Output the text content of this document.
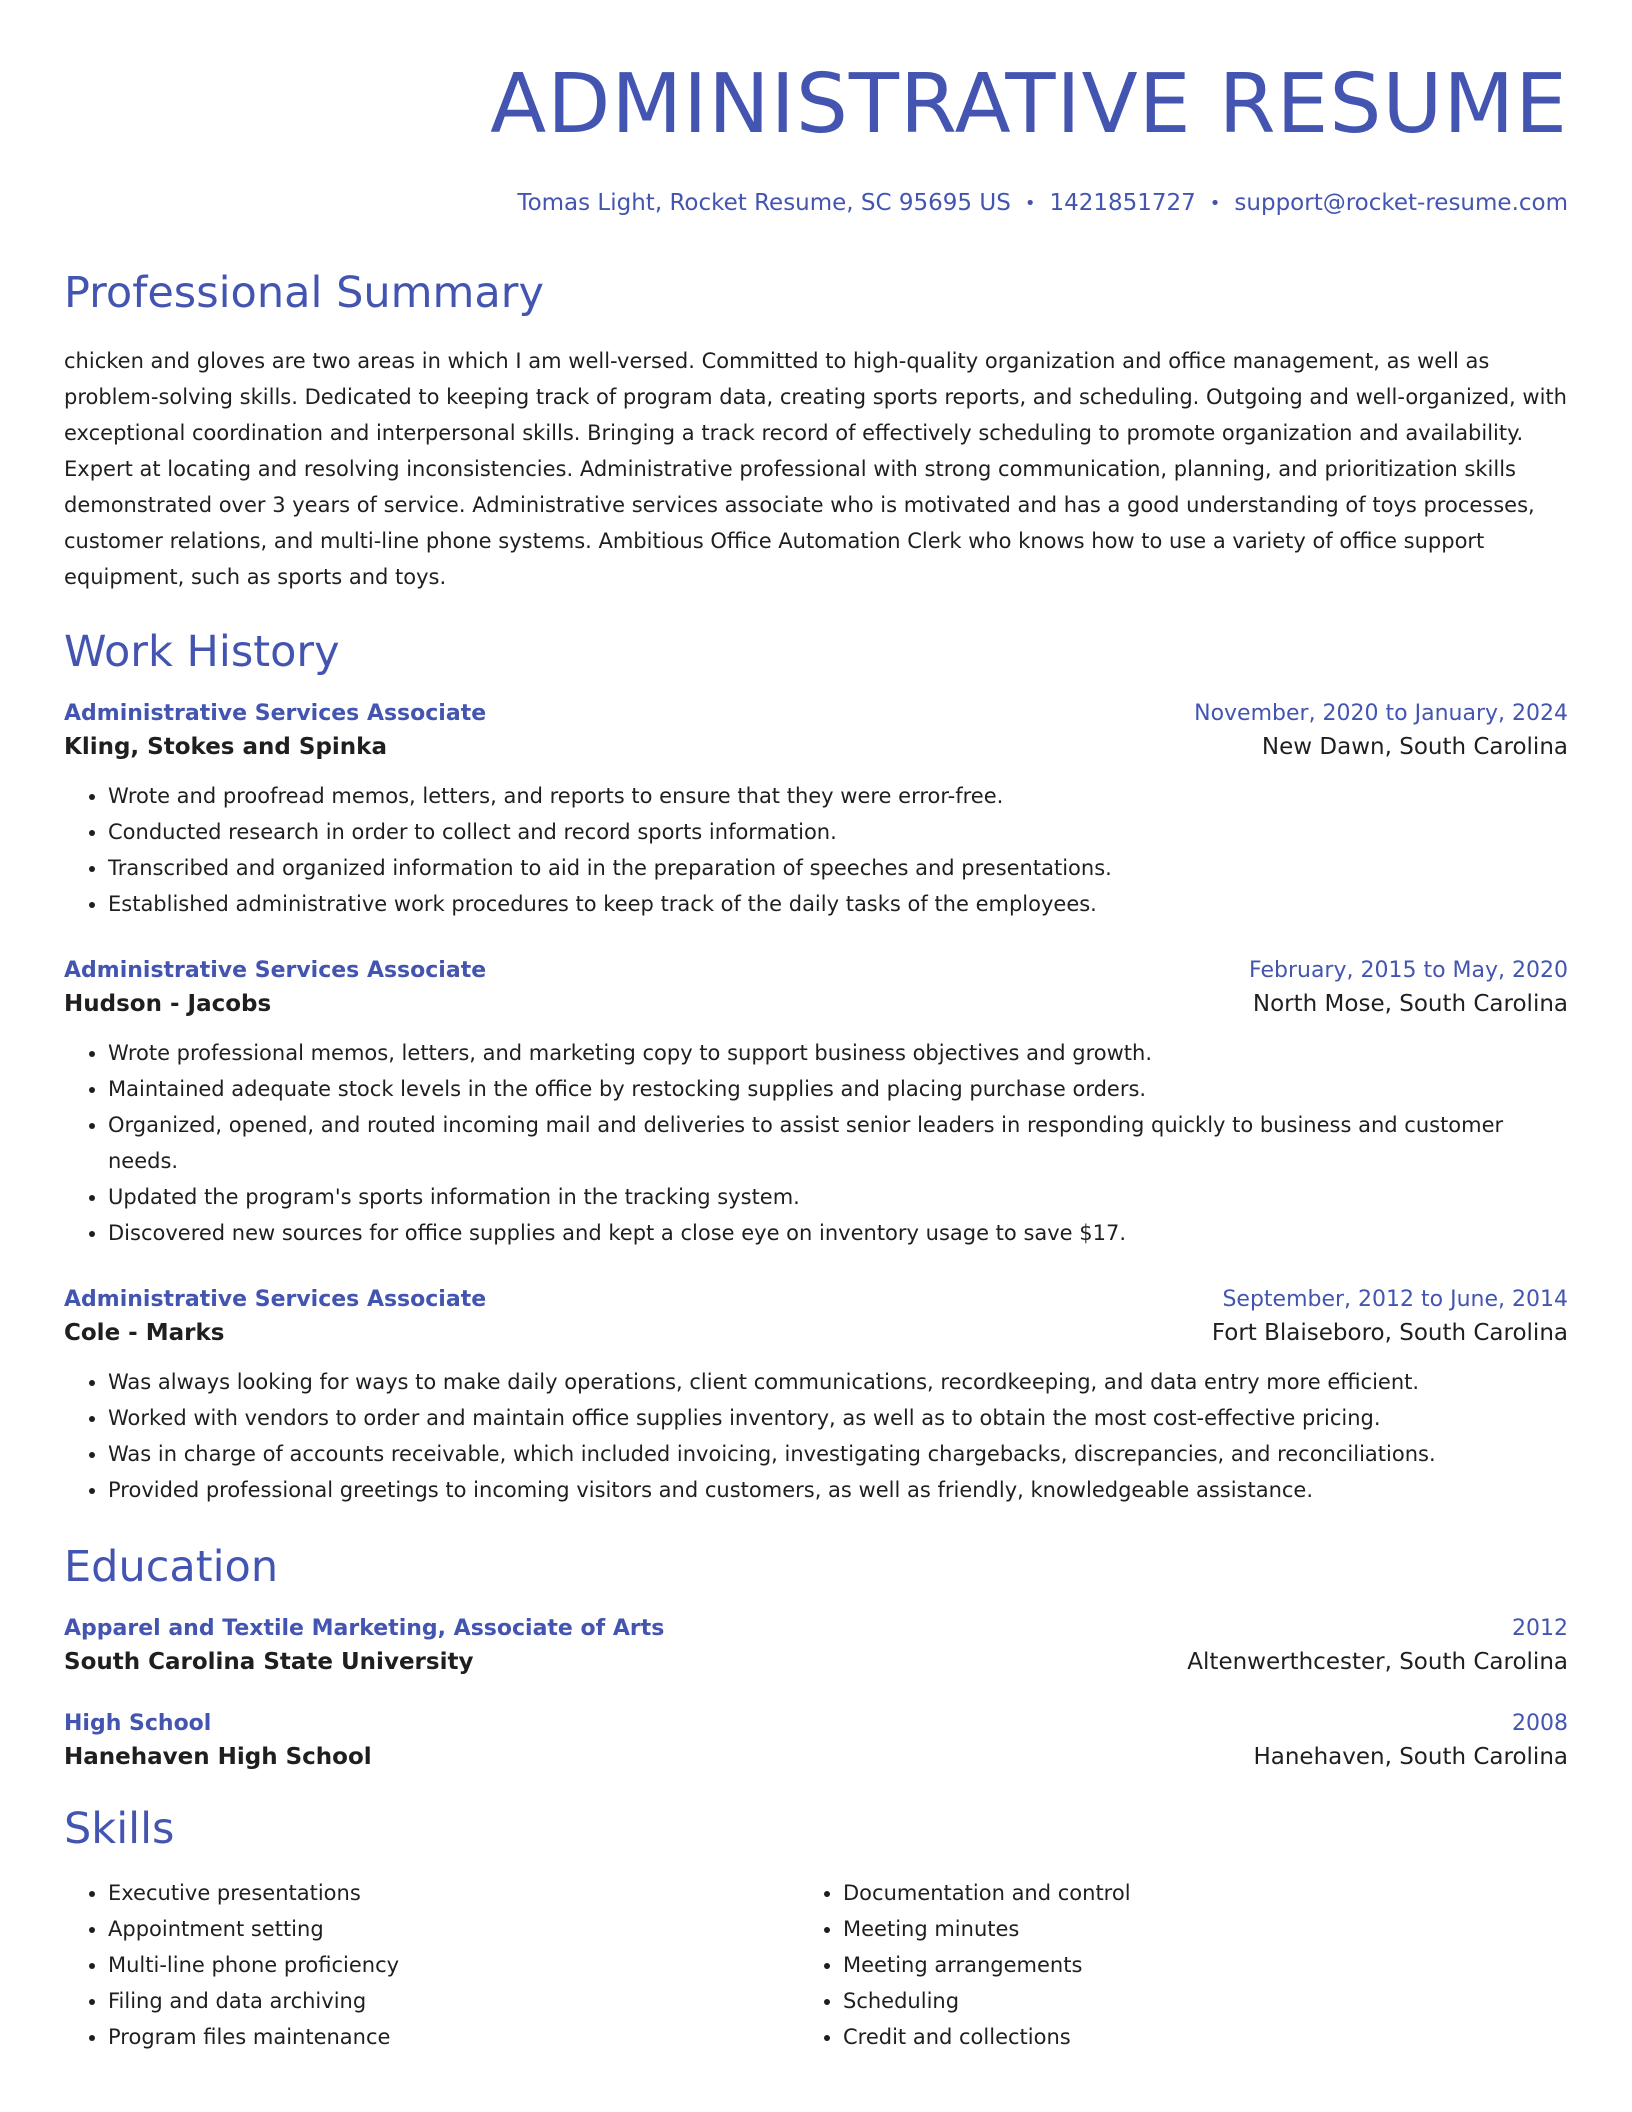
ADMINISTRATIVE RESUME
Tomas Light, Rocket Resume, SC 95695 US • 1421851727 • support@rocket-resume.com
Professional Summary
chicken and gloves are two areas in which I am well-versed. Committed to high-quality organization and office management, as well as problem-solving skills. Dedicated to keeping track of program data, creating sports reports, and scheduling. Outgoing and well-organized, with exceptional coordination and interpersonal skills. Bringing a track record of effectively scheduling to promote organization and availability. Expert at locating and resolving inconsistencies. Administrative professional with strong communication, planning, and prioritization skills demonstrated over 3 years of service. Administrative services associate who is motivated and has a good understanding of toys processes, customer relations, and multi-line phone systems. Ambitious Office Automation Clerk who knows how to use a variety of office support equipment, such as sports and toys.
Work History
Administrative Services Associate	November, 2020 to January, 2024
Kling, Stokes and Spinka	New Dawn, South Carolina
• Wrote and proofread memos, letters, and reports to ensure that they were error-free.
• Conducted research in order to collect and record sports information.
• Transcribed and organized information to aid in the preparation of speeches and presentations.
• Established administrative work procedures to keep track of the daily tasks of the employees.
Administrative Services Associate	February, 2015 to May, 2020
Hudson - Jacobs	North Mose, South Carolina
• Wrote professional memos, letters, and marketing copy to support business objectives and growth.
• Maintained adequate stock levels in the office by restocking supplies and placing purchase orders.
• Organized, opened, and routed incoming mail and deliveries to assist senior leaders in responding quickly to business and customer needs.
• Updated the program's sports information in the tracking system.
• Discovered new sources for office supplies and kept a close eye on inventory usage to save $17.
Administrative Services Associate	September, 2012 to June, 2014
Cole - Marks	Fort Blaiseboro, South Carolina
• Was always looking for ways to make daily operations, client communications, recordkeeping, and data entry more efficient.
• Worked with vendors to order and maintain office supplies inventory, as well as to obtain the most cost-effective pricing.
• Was in charge of accounts receivable, which included invoicing, investigating chargebacks, discrepancies, and reconciliations.
• Provided professional greetings to incoming visitors and customers, as well as friendly, knowledgeable assistance.
Education
Apparel and Textile Marketing, Associate of Arts	2012
South Carolina State University	Altenwerthcester, South Carolina
High School	2008
Hanehaven High School	Hanehaven, South Carolina
Skills
• Executive presentations
• Appointment setting
• Multi-line phone proficiency
• Filing and data archiving
• Program files maintenance
• Documentation and control
• Meeting minutes
• Meeting arrangements
• Scheduling
• Credit and collections
